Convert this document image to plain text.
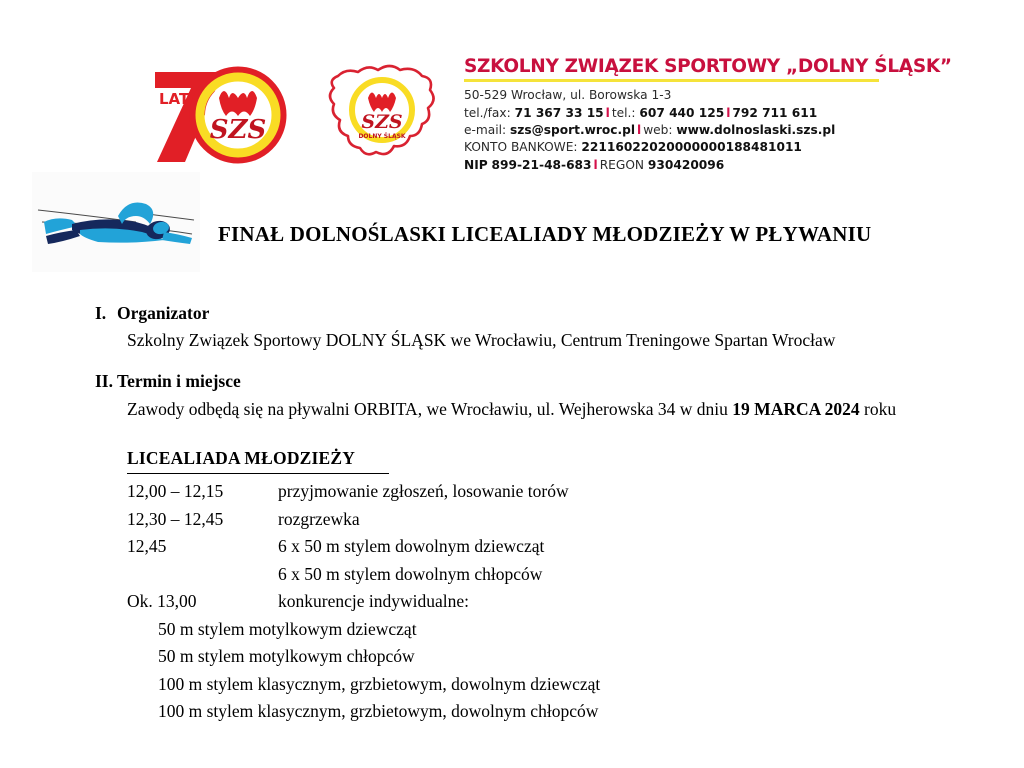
LAT
SZS	SZS
DOLNY ŚLĄSK
SZKOLNY ZWIĄZEK SPORTOWY „DOLNY ŚLĄSK”
50-529 Wrocław, ul. Borowska 1-3
tel./fax: 71 367 33 15 l tel.: 607 440 125 l 792 711 611
e-mail: szs@sport.wroc.pl l web: www.dolnoslaski.szs.pl
KONTO BANKOWE: 22116022020000000188481011
NIP 899-21-48-683 l REGON 930420096
FINAŁ DOLNOŚLASKI LICEALIADY MŁODZIEŻY W PŁYWANIU
I. Organizator
Szkolny Związek Sportowy DOLNY ŚLĄSK we Wrocławiu, Centrum Treningowe Spartan Wrocław
II. Termin i miejsce
Zawody odbędą się na pływalni ORBITA, we Wrocławiu, ul. Wejherowska 34 w dniu 19 MARCA 2024 roku
LICEALIADA MŁODZIEŻY
12,00 – 12,15	przyjmowanie zgłoszeń, losowanie torów
12,30 – 12,45	rozgrzewka
12,45	6 x 50 m stylem dowolnym dziewcząt
6 x 50 m stylem dowolnym chłopców
Ok. 13,00	konkurencje indywidualne:
50 m stylem motylkowym dziewcząt
50 m stylem motylkowym chłopców
100 m stylem klasycznym, grzbietowym, dowolnym dziewcząt
100 m stylem klasycznym, grzbietowym, dowolnym chłopców
